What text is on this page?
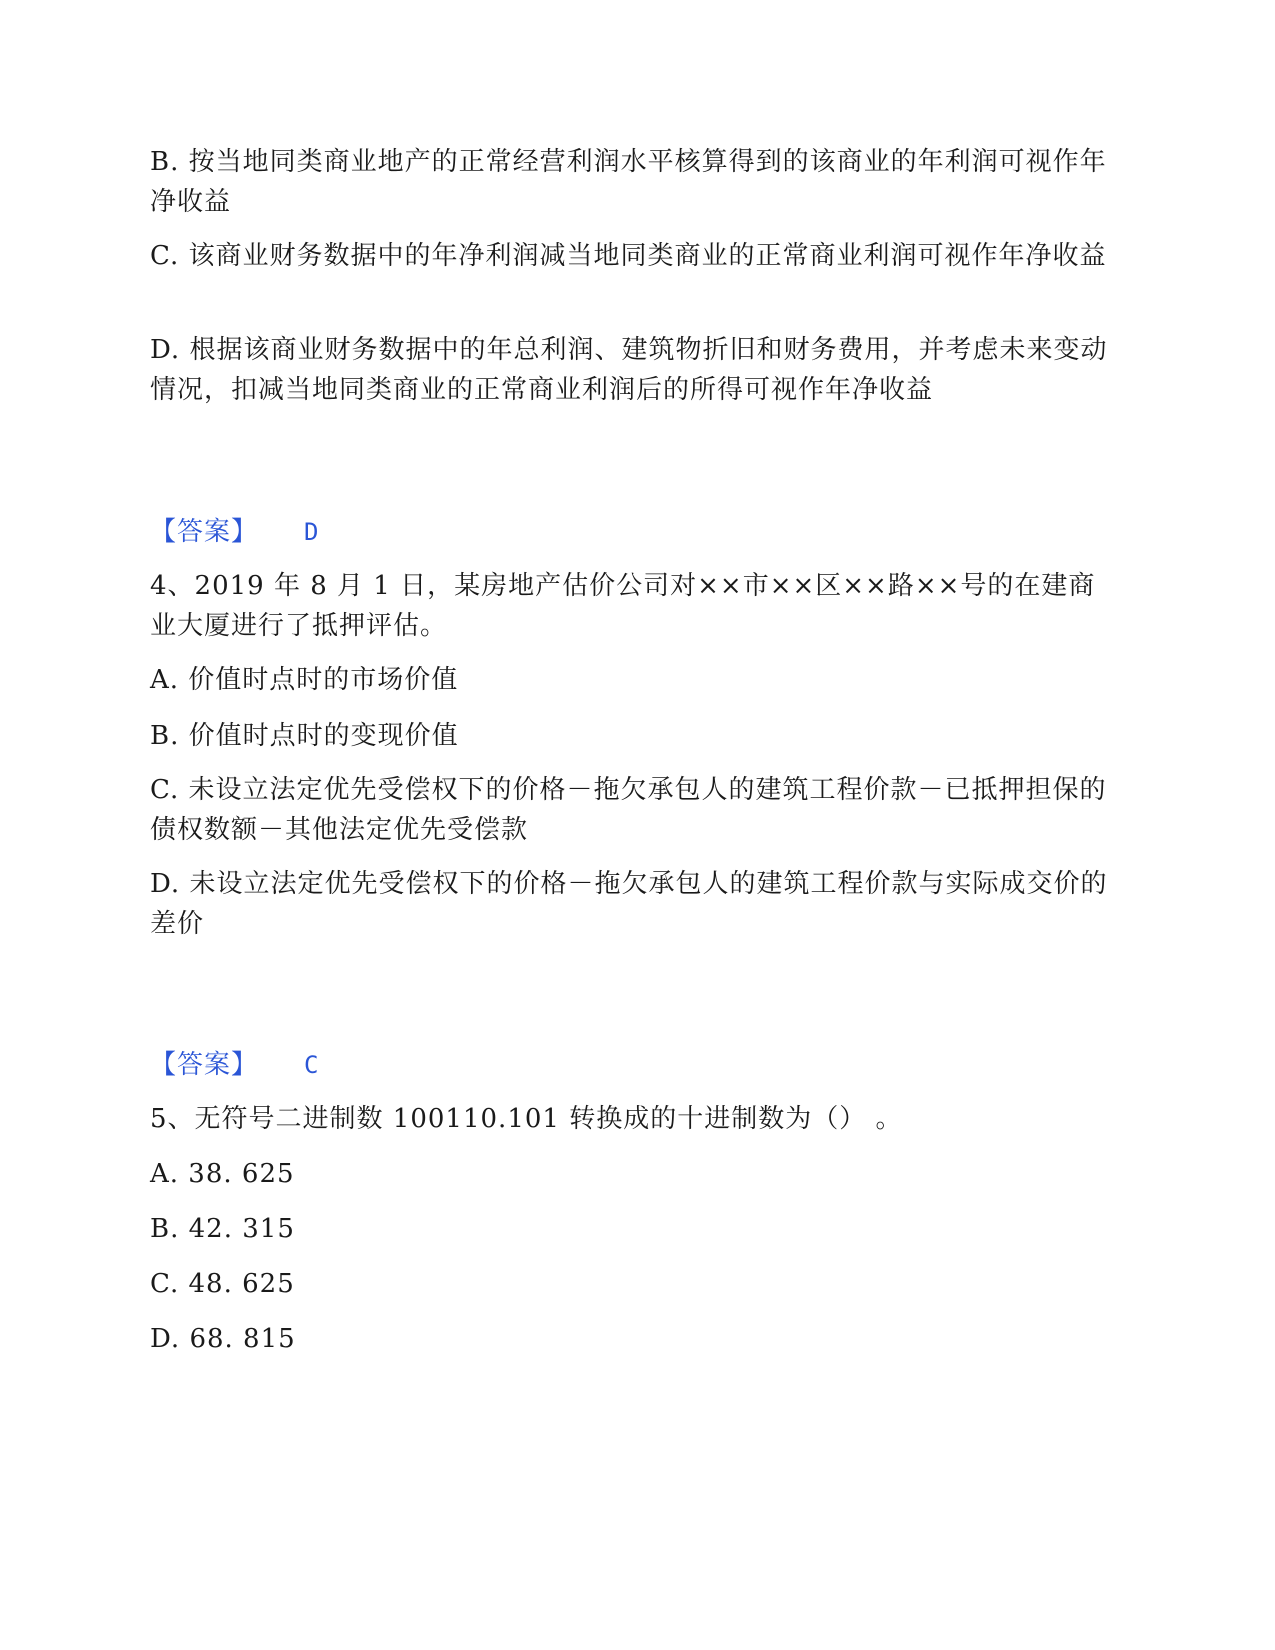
B. 按当地同类商业地产的正常经营利润水平核算得到的该商业的年利润可视作年净收益

C. 该商业财务数据中的年净利润减当地同类商业的正常商业利润可视作年净收益

D. 根据该商业财务数据中的年总利润、建筑物折旧和财务费用，并考虑未来变动情况，扣减当地同类商业的正常商业利润后的所得可视作年净收益

【答案】 D

4、2019 年 8 月 1 日，某房地产估价公司对××市××区××路××号的在建商业大厦进行了抵押评估。

A. 价值时点时的市场价值

B. 价值时点时的变现价值

C. 未设立法定优先受偿权下的价格－拖欠承包人的建筑工程价款－已抵押担保的债权数额－其他法定优先受偿款

D. 未设立法定优先受偿权下的价格－拖欠承包人的建筑工程价款与实际成交价的差价

【答案】 C

5、无符号二进制数 100110.101 转换成的十进制数为（） 。

A. 38. 625

B. 42. 315

C. 48. 625

D. 68. 815
